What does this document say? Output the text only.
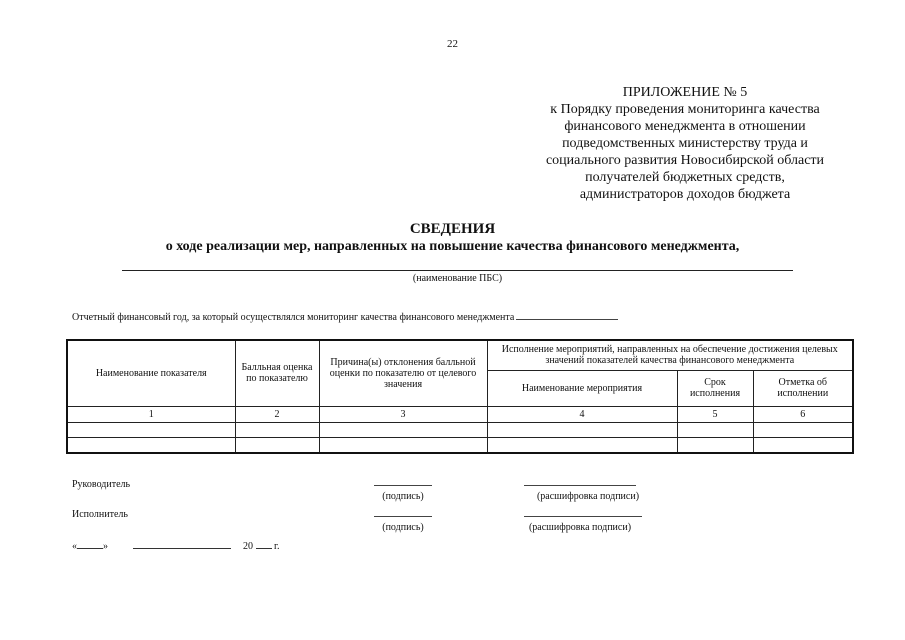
22
ПРИЛОЖЕНИЕ № 5
к Порядку проведения мониторинга качества
финансового менеджмента в отношении
подведомственных министерству труда и
социального развития Новосибирской области
получателей бюджетных средств,
администраторов доходов бюджета
СВЕДЕНИЯ
о ходе реализации мер, направленных на повышение качества финансового менеджмента,
(наименование ПБС)
Отчетный финансовый год, за который осуществлялся мониторинг качества финансового менеджмента
Наименование показателя	Балльная оценка по показателю	Причина(ы) отклонения балльной оценки по показателю от целевого значения	Исполнение мероприятий, направленных на обеспечение достижения целевых значений показателей качества финансового менеджмента		
			Наименование мероприятия	Срок исполнения	Отметка об исполнении
1	2	3	4	5	6

Руководитель
(подпись)	(расшифровка подписи)
Исполнитель
(подпись)	(расшифровка подписи)
«	»	20 г.
